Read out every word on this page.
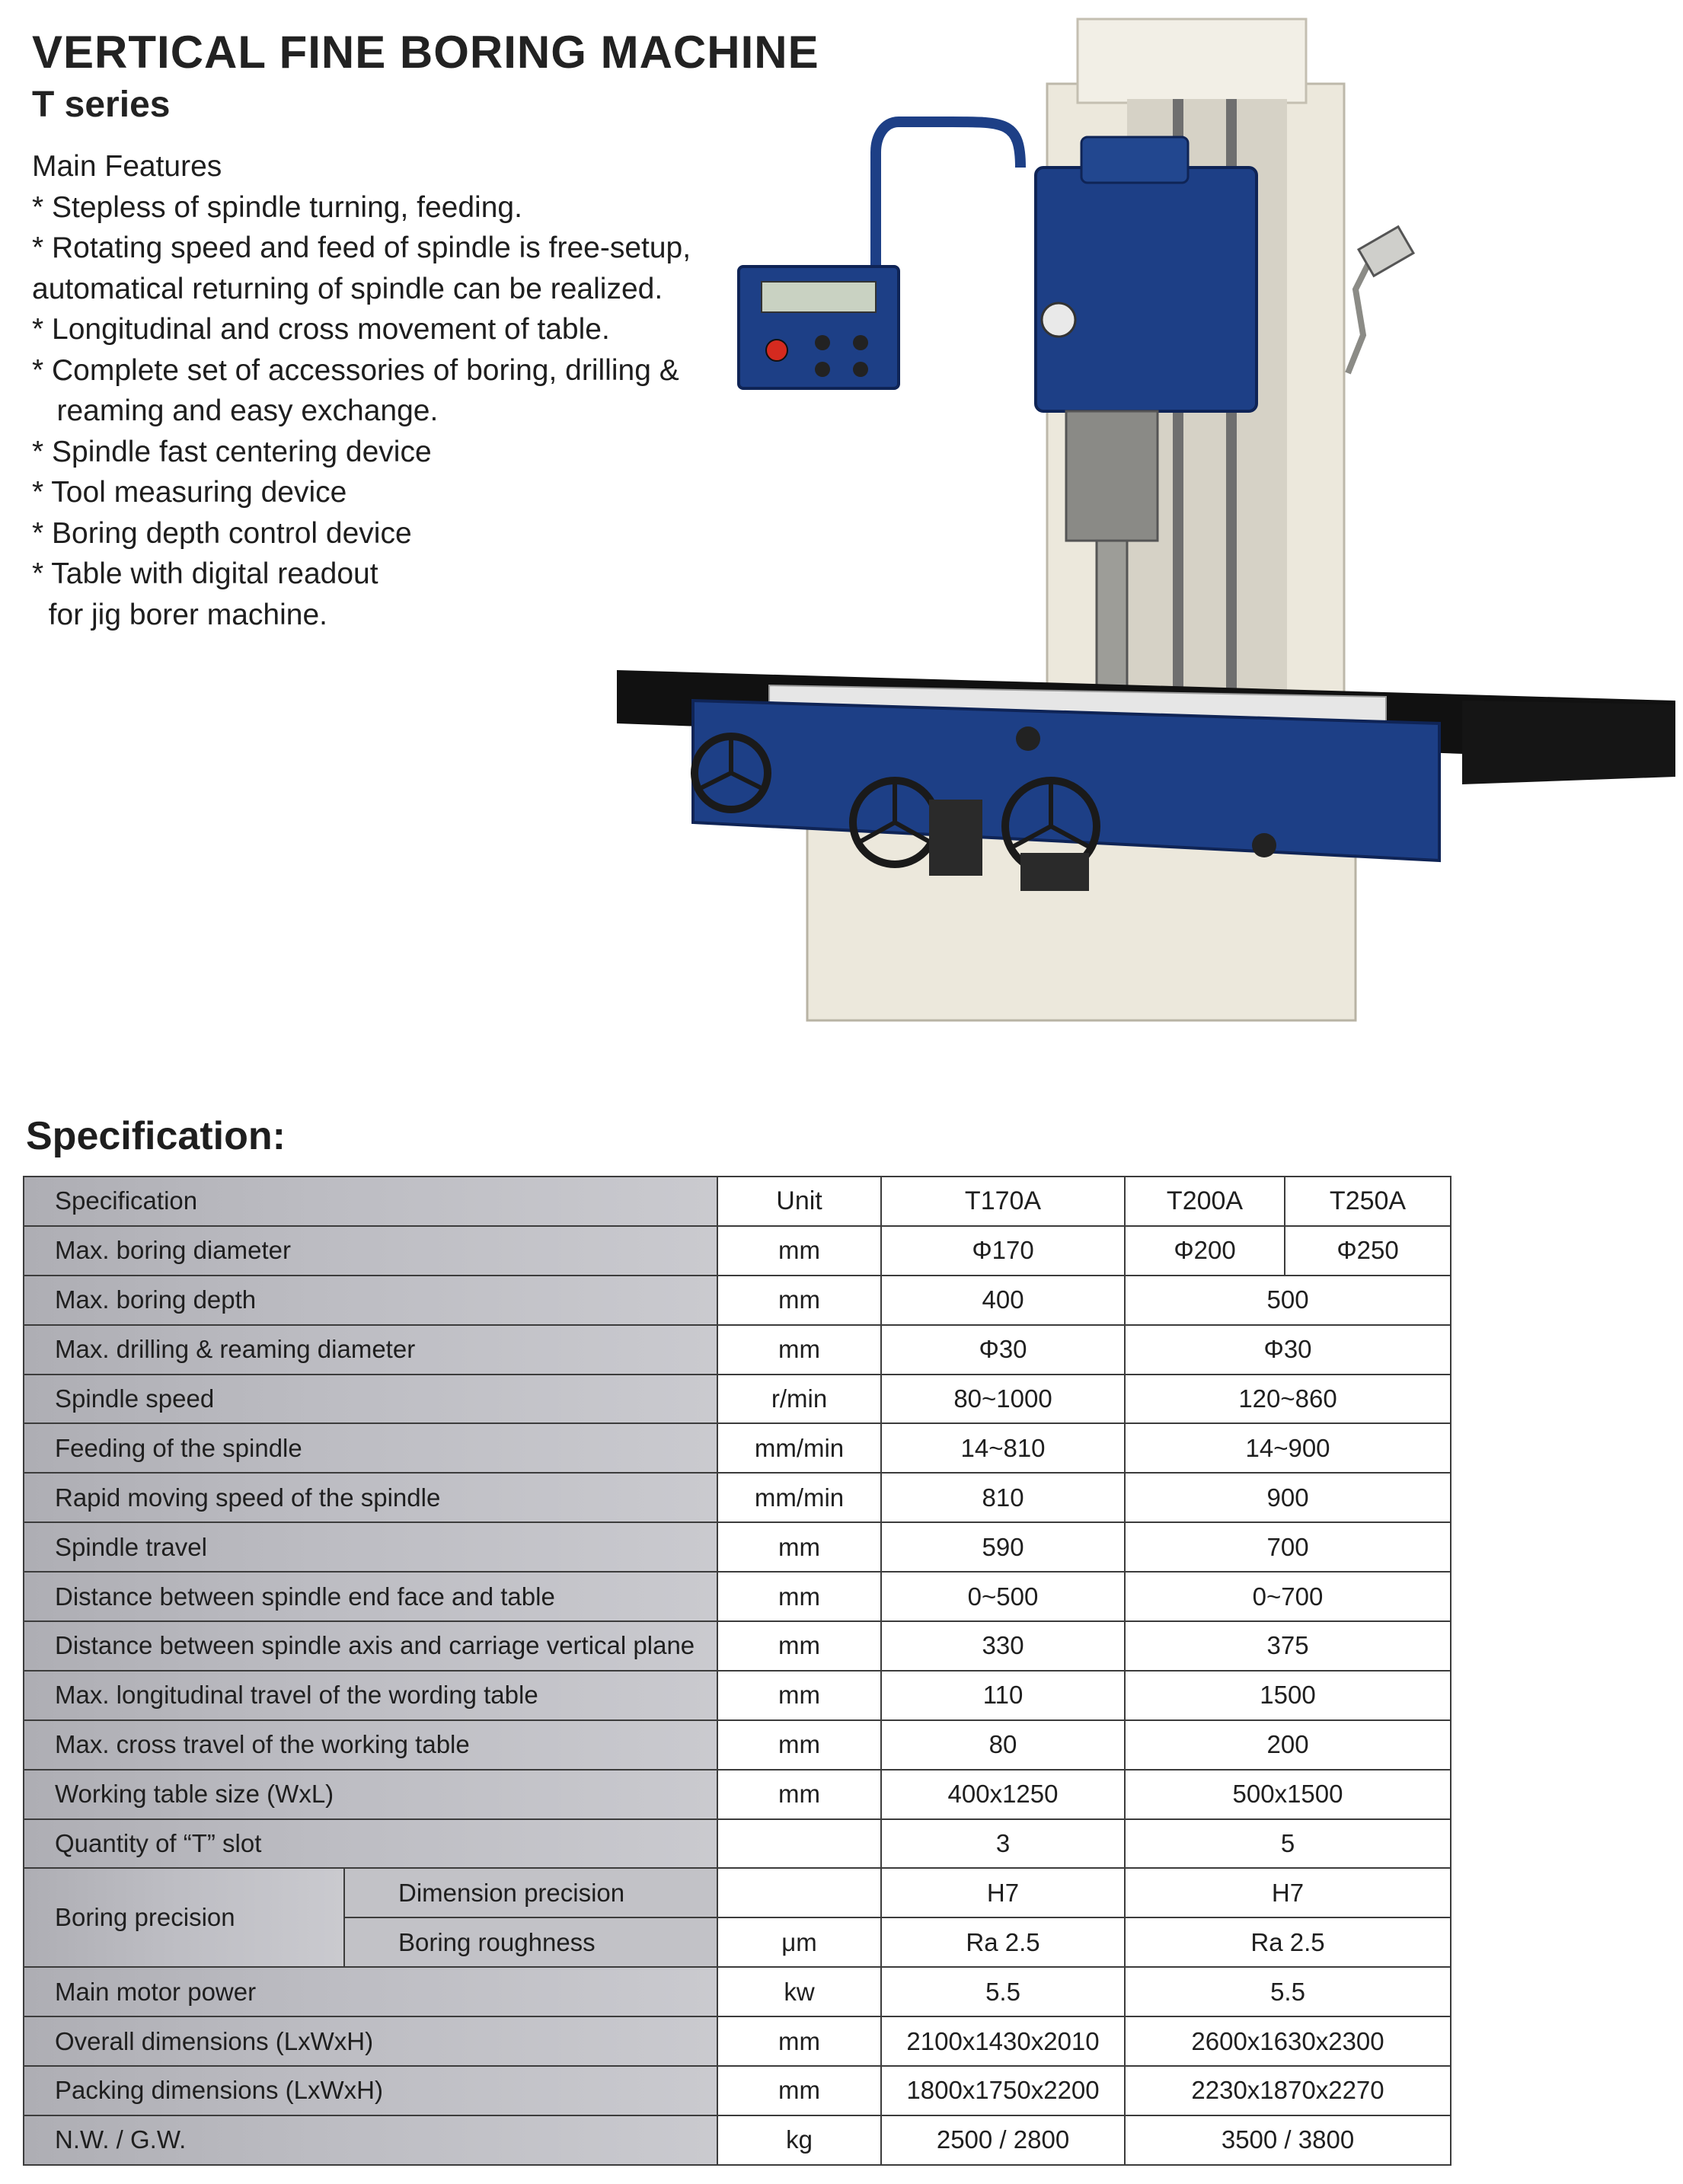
VERTICAL FINE BORING MACHINE
T series

Main Features

* Stepless of spindle turning, feeding.
* Rotating speed and feed of spindle is free-setup,
automatical returning of spindle can be realized.
* Longitudinal and cross movement of table.
* Complete set of accessories of boring, drilling &
reaming and easy exchange.
* Spindle fast centering device
* Tool measuring device
* Boring depth control device
* Table with digital readout
for jig borer machine.
Specification:
Specification		Unit	T170A	T200A	T250A
Max. boring diameter		mm	Φ170	Φ200	Φ250
Max. boring depth		mm	400	500	
Max. drilling & reaming diameter		mm	Φ30	Φ30	
Spindle speed		r/min	80~1000	120~860	
Feeding of the spindle		mm/min	14~810	14~900	
Rapid moving speed of the spindle		mm/min	810	900	
Spindle travel		mm	590	700	
Distance between spindle end face and table		mm	0~500	0~700	
Distance between spindle axis and carriage vertical plane		mm	330	375	
Max. longitudinal travel of the wording table		mm	110	1500	
Max. cross travel of the working table		mm	80	200	
Working table size (WxL)		mm	400x1250	500x1500	
Quantity of “T” slot			3	5	
Boring precision	Dimension precision		H7	H7	
	Boring roughness	μm	Ra 2.5	Ra 2.5	
Main motor power		kw	5.5	5.5	
Overall dimensions (LxWxH)		mm	2100x1430x2010	2600x1630x2300	
Packing dimensions (LxWxH)		mm	1800x1750x2200	2230x1870x2270	
N.W. / G.W.		kg	2500 / 2800	3500 / 3800	
